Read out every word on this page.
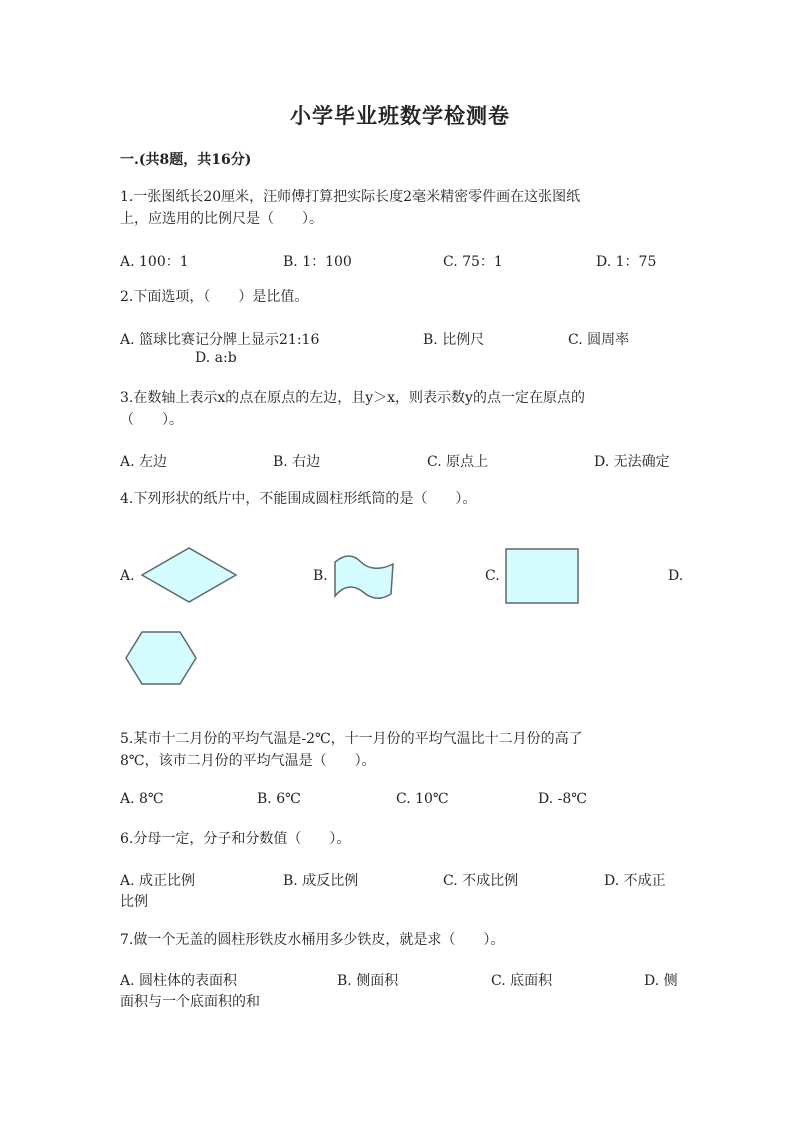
小学毕业班数学检测卷
一.(共8题，共16分)
1.一张图纸长20厘米，汪师傅打算把实际长度2毫米精密零件画在这张图纸
上，应选用的比例尺是（　　）。
A. 100：1	B. 1：100	C. 75：1	D. 1：75
2.下面选项，（　　）是比值。
A. 篮球比赛记分牌上显示21:16	B. 比例尺	C. 圆周率
D. a:b
3.在数轴上表示x的点在原点的左边，且y＞x，则表示数y的点一定在原点的
（　　）。
A. 左边	B. 右边	C. 原点上	D. 无法确定
4.下列形状的纸片中，不能围成圆柱形纸筒的是（　　）。
A.	B.	C.	D.
5.某市十二月份的平均气温是-2℃，十一月份的平均气温比十二月份的高了
8℃，该市二月份的平均气温是（　　）。
A. 8℃	B. 6℃	C. 10℃	D. -8℃
6.分母一定，分子和分数值（　　）。
A. 成正比例	B. 成反比例	C. 不成比例	D. 不成正
比例
7.做一个无盖的圆柱形铁皮水桶用多少铁皮，就是求（　　）。
A. 圆柱体的表面积	B. 侧面积	C. 底面积	D. 侧
面积与一个底面积的和
